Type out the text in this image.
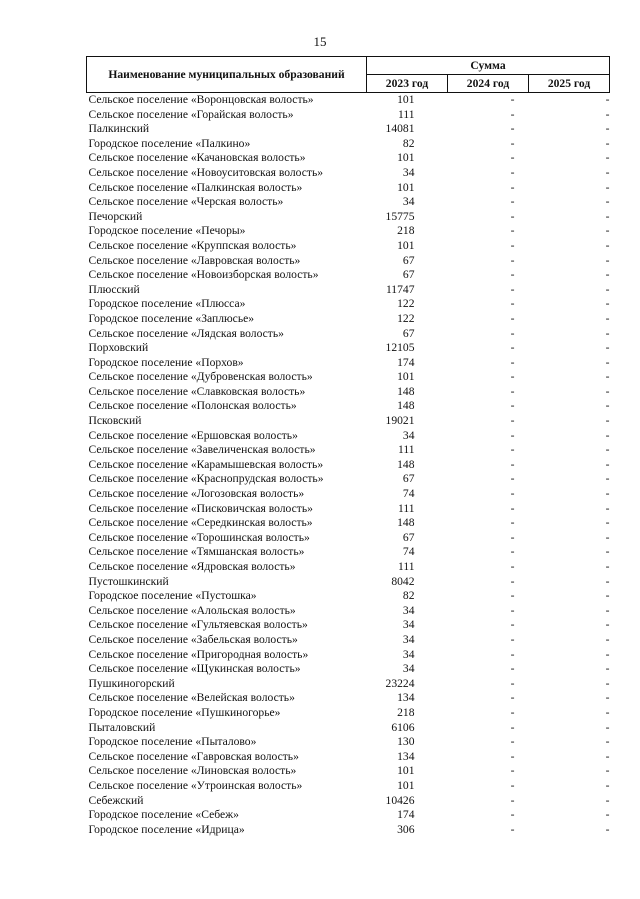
15
Наименование муниципальных образований	Сумма		
	2023 год	2024 год	2025 год
Сельское поселение «Воронцовская волость»	101	-	-
Сельское поселение «Горайская волость»	111	-	-
Палкинский	14081	-	-
Городское поселение «Палкино»	82	-	-
Сельское поселение «Качановская волость»	101	-	-
Сельское поселение «Новоуситовская волость»	34	-	-
Сельское поселение «Палкинская волость»	101	-	-
Сельское поселение «Черская волость»	34	-	-
Печорский	15775	-	-
Городское поселение «Печоры»	218	-	-
Сельское поселение «Круппская волость»	101	-	-
Сельское поселение «Лавровская волость»	67	-	-
Сельское поселение «Новоизборская волость»	67	-	-
Плюсский	11747	-	-
Городское поселение «Плюсса»	122	-	-
Городское поселение «Заплюсье»	122	-	-
Сельское поселение «Лядская волость»	67	-	-
Порховский	12105	-	-
Городское поселение «Порхов»	174	-	-
Сельское поселение «Дубровенская волость»	101	-	-
Сельское поселение «Славковская волость»	148	-	-
Сельское поселение «Полонская волость»	148	-	-
Псковский	19021	-	-
Сельское поселение «Ершовская волость»	34	-	-
Сельское поселение «Завеличенская волость»	111	-	-
Сельское поселение «Карамышевская волость»	148	-	-
Сельское поселение «Краснопрудская волость»	67	-	-
Сельское поселение «Логозовская волость»	74	-	-
Сельское поселение «Писковичская волость»	111	-	-
Сельское поселение «Середкинская волость»	148	-	-
Сельское поселение «Торошинская волость»	67	-	-
Сельское поселение «Тямшанская волость»	74	-	-
Сельское поселение «Ядровская волость»	111	-	-
Пустошкинский	8042	-	-
Городское поселение «Пустошка»	82	-	-
Сельское поселение «Алольская волость»	34	-	-
Сельское поселение «Гультяевская волость»	34	-	-
Сельское поселение «Забельская волость»	34	-	-
Сельское поселение «Пригородная волость»	34	-	-
Сельское поселение «Щукинская волость»	34	-	-
Пушкиногорский	23224	-	-
Сельское поселение «Велейская волость»	134	-	-
Городское поселение «Пушкиногорье»	218	-	-
Пыталовский	6106	-	-
Городское поселение «Пыталово»	130	-	-
Сельское поселение «Гавровская волость»	134	-	-
Сельское поселение «Линовская волость»	101	-	-
Сельское поселение «Утроинская волость»	101	-	-
Себежский	10426	-	-
Городское поселение «Себеж»	174	-	-
Городское поселение «Идрица»	306	-	-
